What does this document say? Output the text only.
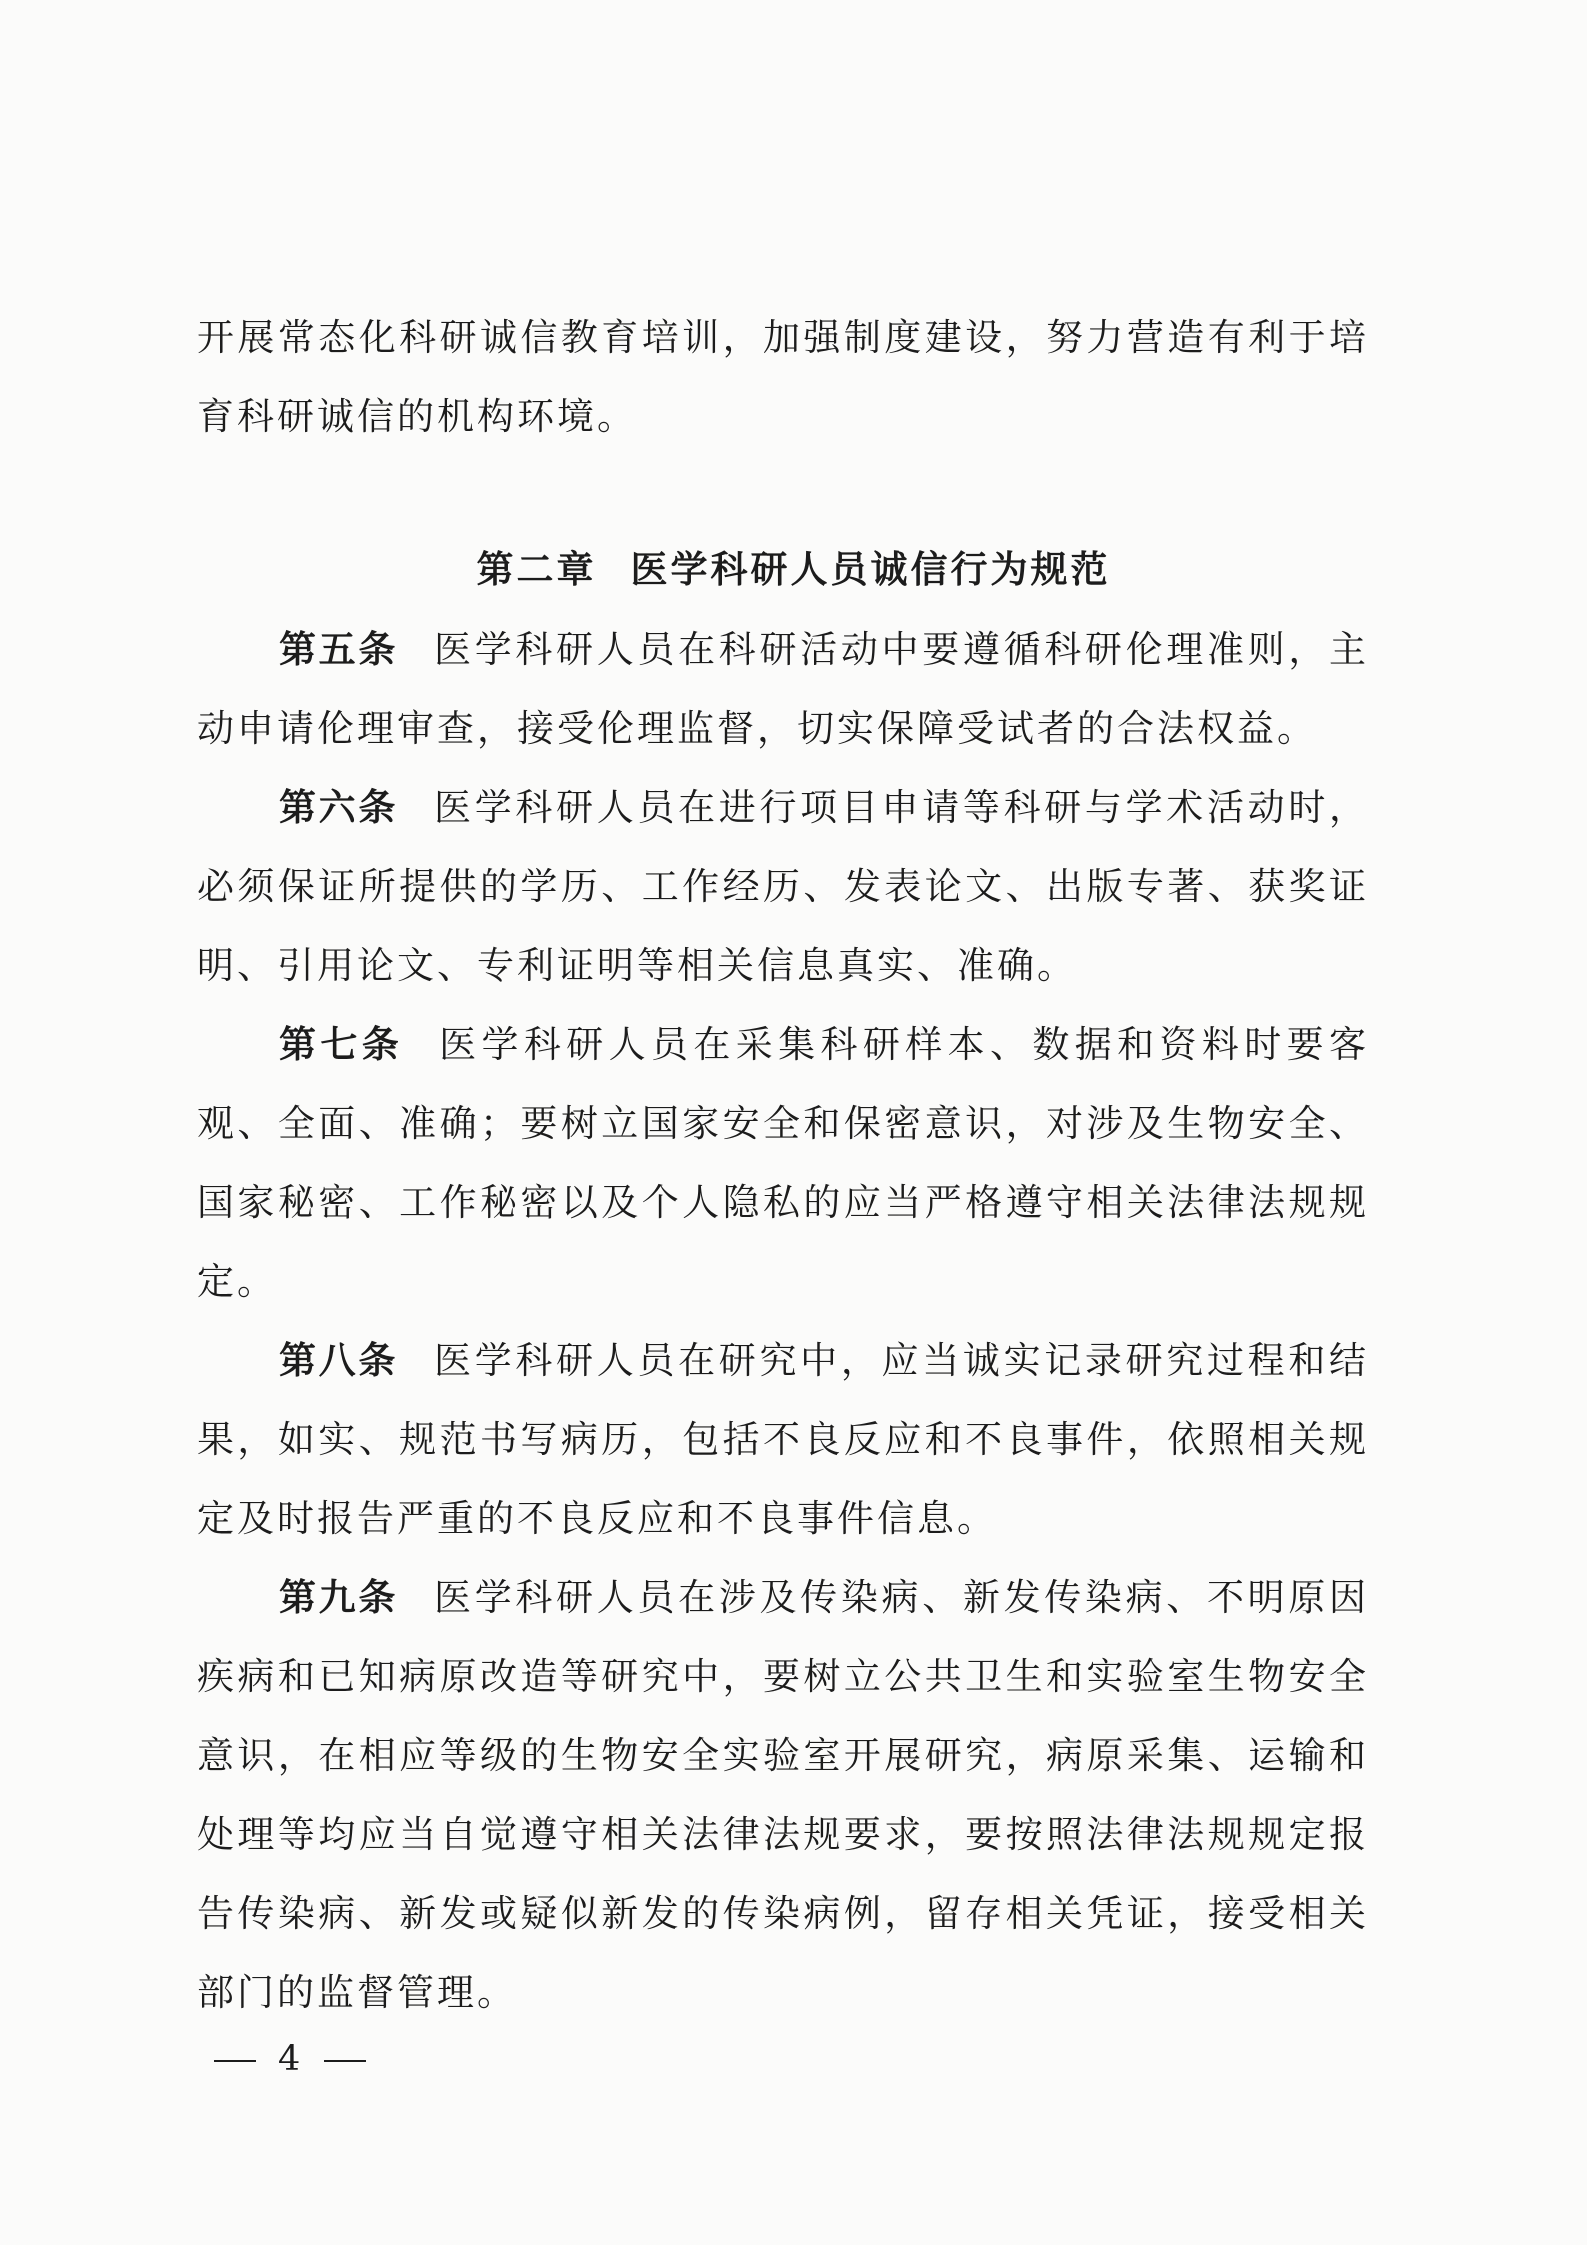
开展常态化科研诚信教育培训，加强制度建设，努力营造有利于培育科研诚信的机构环境。

第二章 医学科研人员诚信行为规范

第五条 医学科研人员在科研活动中要遵循科研伦理准则，主动申请伦理审查，接受伦理监督，切实保障受试者的合法权益。

第六条 医学科研人员在进行项目申请等科研与学术活动时，必须保证所提供的学历、工作经历、发表论文、出版专著、获奖证明、引用论文、专利证明等相关信息真实、准确。

第七条 医学科研人员在采集科研样本、数据和资料时要客观、全面、准确；要树立国家安全和保密意识，对涉及生物安全、国家秘密、工作秘密以及个人隐私的应当严格遵守相关法律法规规定。

第八条 医学科研人员在研究中，应当诚实记录研究过程和结果，如实、规范书写病历，包括不良反应和不良事件，依照相关规定及时报告严重的不良反应和不良事件信息。

第九条 医学科研人员在涉及传染病、新发传染病、不明原因疾病和已知病原改造等研究中，要树立公共卫生和实验室生物安全意识，在相应等级的生物安全实验室开展研究，病原采集、运输和处理等均应当自觉遵守相关法律法规要求，要按照法律法规规定报告传染病、新发或疑似新发的传染病例，留存相关凭证，接受相关部门的监督管理。

4
